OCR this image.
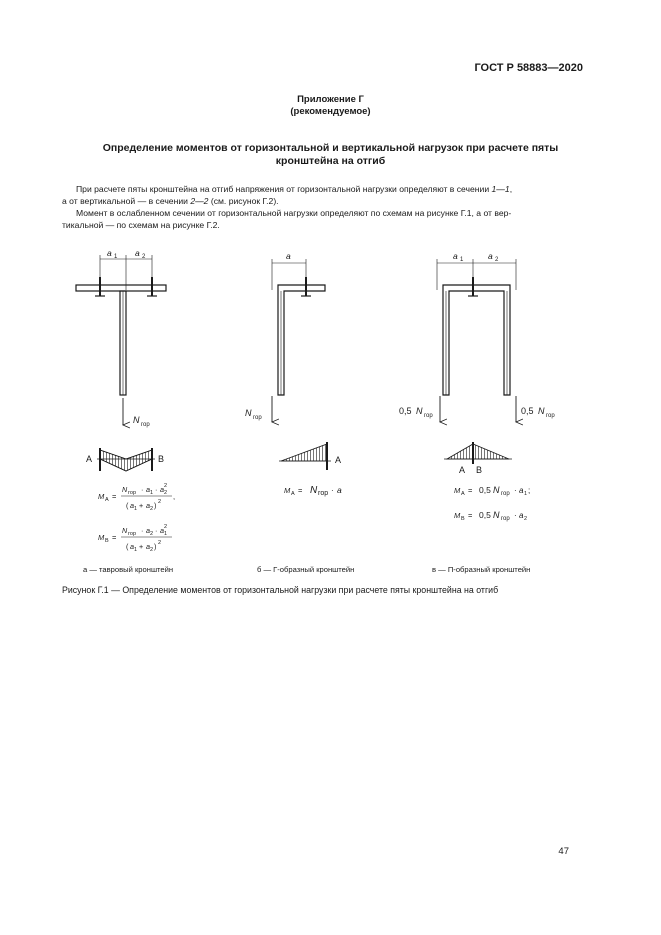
ГОСТ Р 58883—2020
Приложение Г
(рекомендуемое)
Определение моментов от горизонтальной и вертикальной нагрузок при расчете пяты
кронштейна на отгиб
При расчете пяты кронштейна на отгиб напряжения от горизонтальной нагрузки определяют в сечении 1—1,
а от вертикальной — в сечении 2—2 (см. рисунок Г.2).
Момент в ослабленном сечении от горизонтальной нагрузки определяют по схемам на рисунке Г.1, а от вер-
тикальной — по схемам на рисунке Г.2.
a 1 a 2
N гор
A	B
M A =
N гор · a 1 · a 2
2
( a 1 + a 2 ) 2
,
M B =
N гор · a 2 · a 1
2
( a 1 + a 2 ) 2
a
N гор
A
M A = N гор · a
a 1	a 2
0,5 N гор	0,5 N гор
A B
M A = 0,5 N гор · a 1 ;
M B = 0,5 N гор · a 2
а — тавровый кронштейн	б — Г-образный кронштейн	в — П-образный кронштейн
Рисунок Г.1 — Определение моментов от горизонтальной нагрузки при расчете пяты кронштейна на отгиб
47
